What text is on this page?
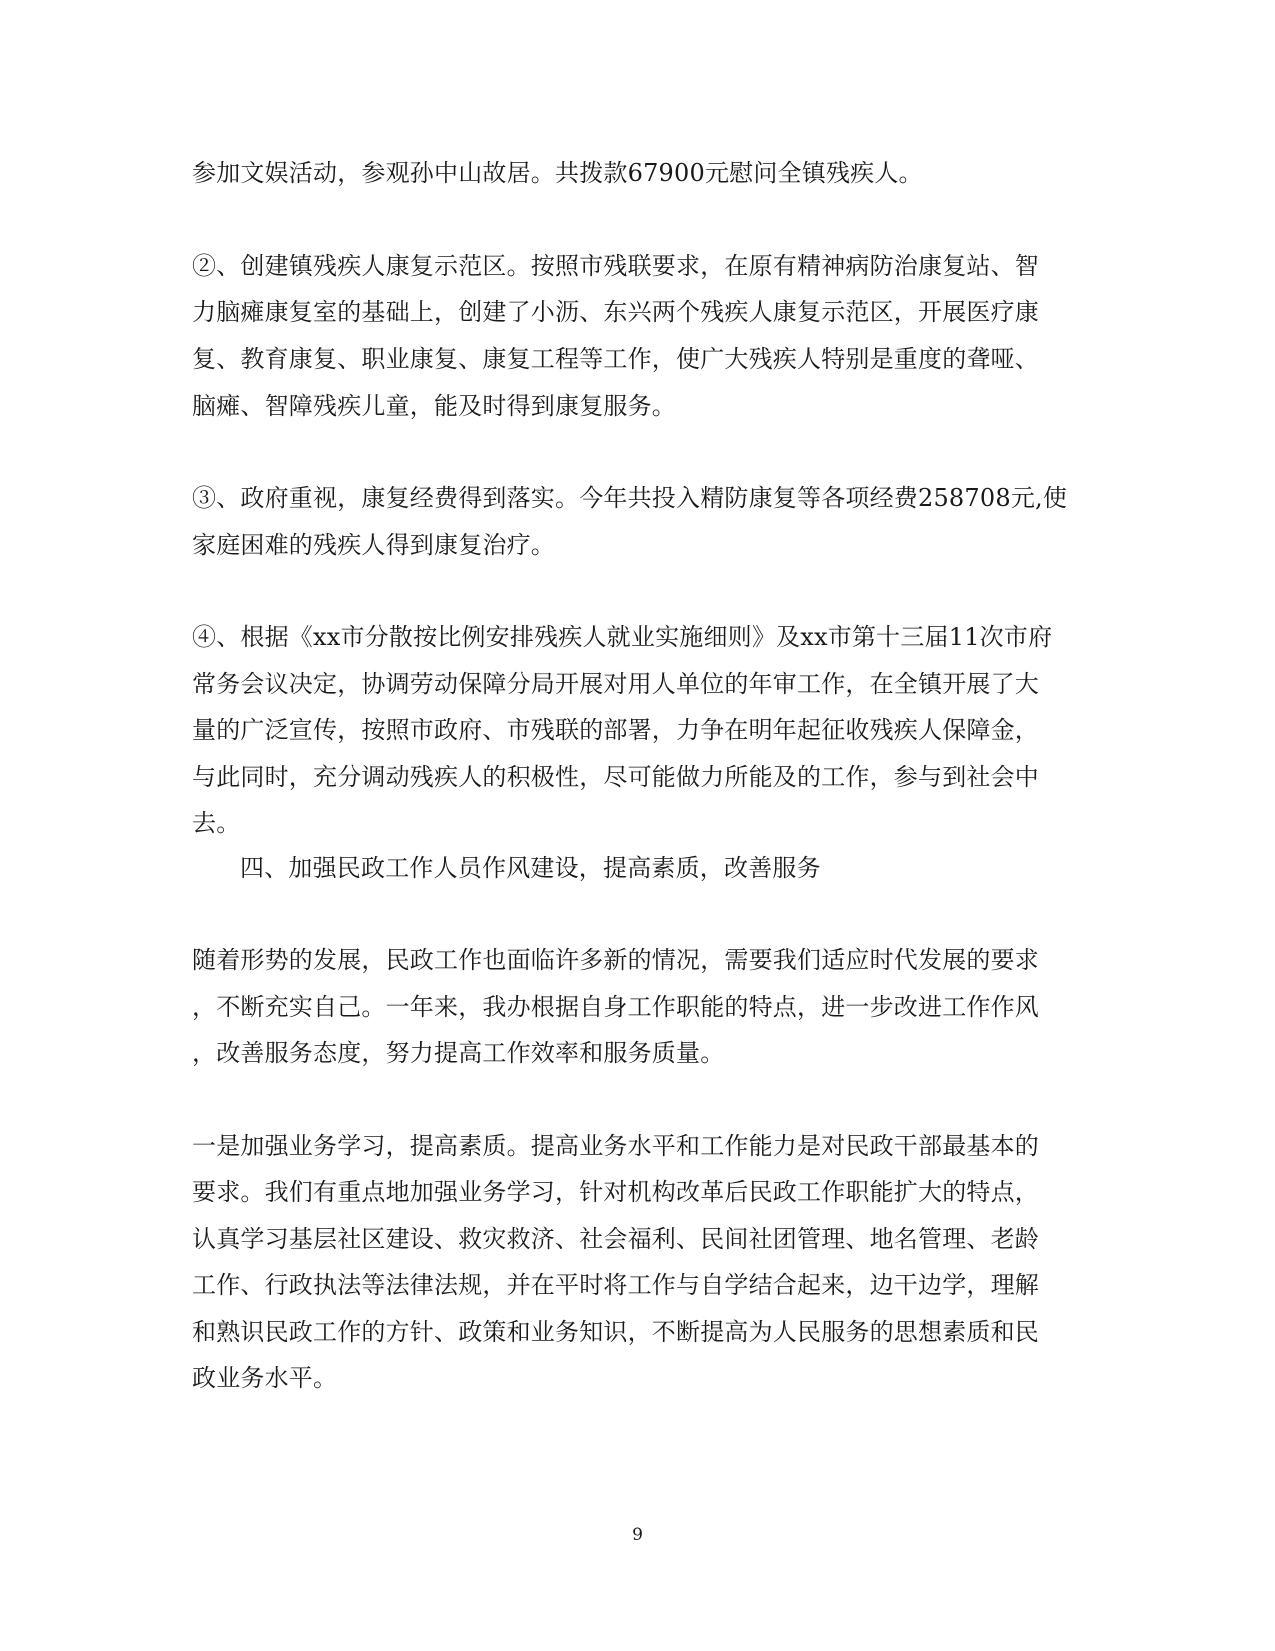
参加文娱活动，参观孙中山故居。共拨款67900元慰问全镇残疾人。

②、创建镇残疾人康复示范区。按照市残联要求，在原有精神病防治康复站、智

力脑瘫康复室的基础上，创建了小沥、东兴两个残疾人康复示范区，开展医疗康

复、教育康复、职业康复、康复工程等工作，使广大残疾人特别是重度的聋哑、

脑瘫、智障残疾儿童，能及时得到康复服务。

③、政府重视，康复经费得到落实。今年共投入精防康复等各项经费258708元,使

家庭困难的残疾人得到康复治疗。

④、根据《xx市分散按比例安排残疾人就业实施细则》及xx市第十三届11次市府

常务会议决定，协调劳动保障分局开展对用人单位的年审工作，在全镇开展了大

量的广泛宣传，按照市政府、市残联的部署，力争在明年起征收残疾人保障金，

与此同时，充分调动残疾人的积极性，尽可能做力所能及的工作，参与到社会中

去。

四、加强民政工作人员作风建设，提高素质，改善服务

随着形势的发展，民政工作也面临许多新的情况，需要我们适应时代发展的要求

，不断充实自己。一年来，我办根据自身工作职能的特点，进一步改进工作作风

，改善服务态度，努力提高工作效率和服务质量。

一是加强业务学习，提高素质。提高业务水平和工作能力是对民政干部最基本的

要求。我们有重点地加强业务学习，针对机构改革后民政工作职能扩大的特点，

认真学习基层社区建设、救灾救济、社会福利、民间社团管理、地名管理、老龄

工作、行政执法等法律法规，并在平时将工作与自学结合起来，边干边学，理解

和熟识民政工作的方针、政策和业务知识，不断提高为人民服务的思想素质和民

政业务水平。

9
